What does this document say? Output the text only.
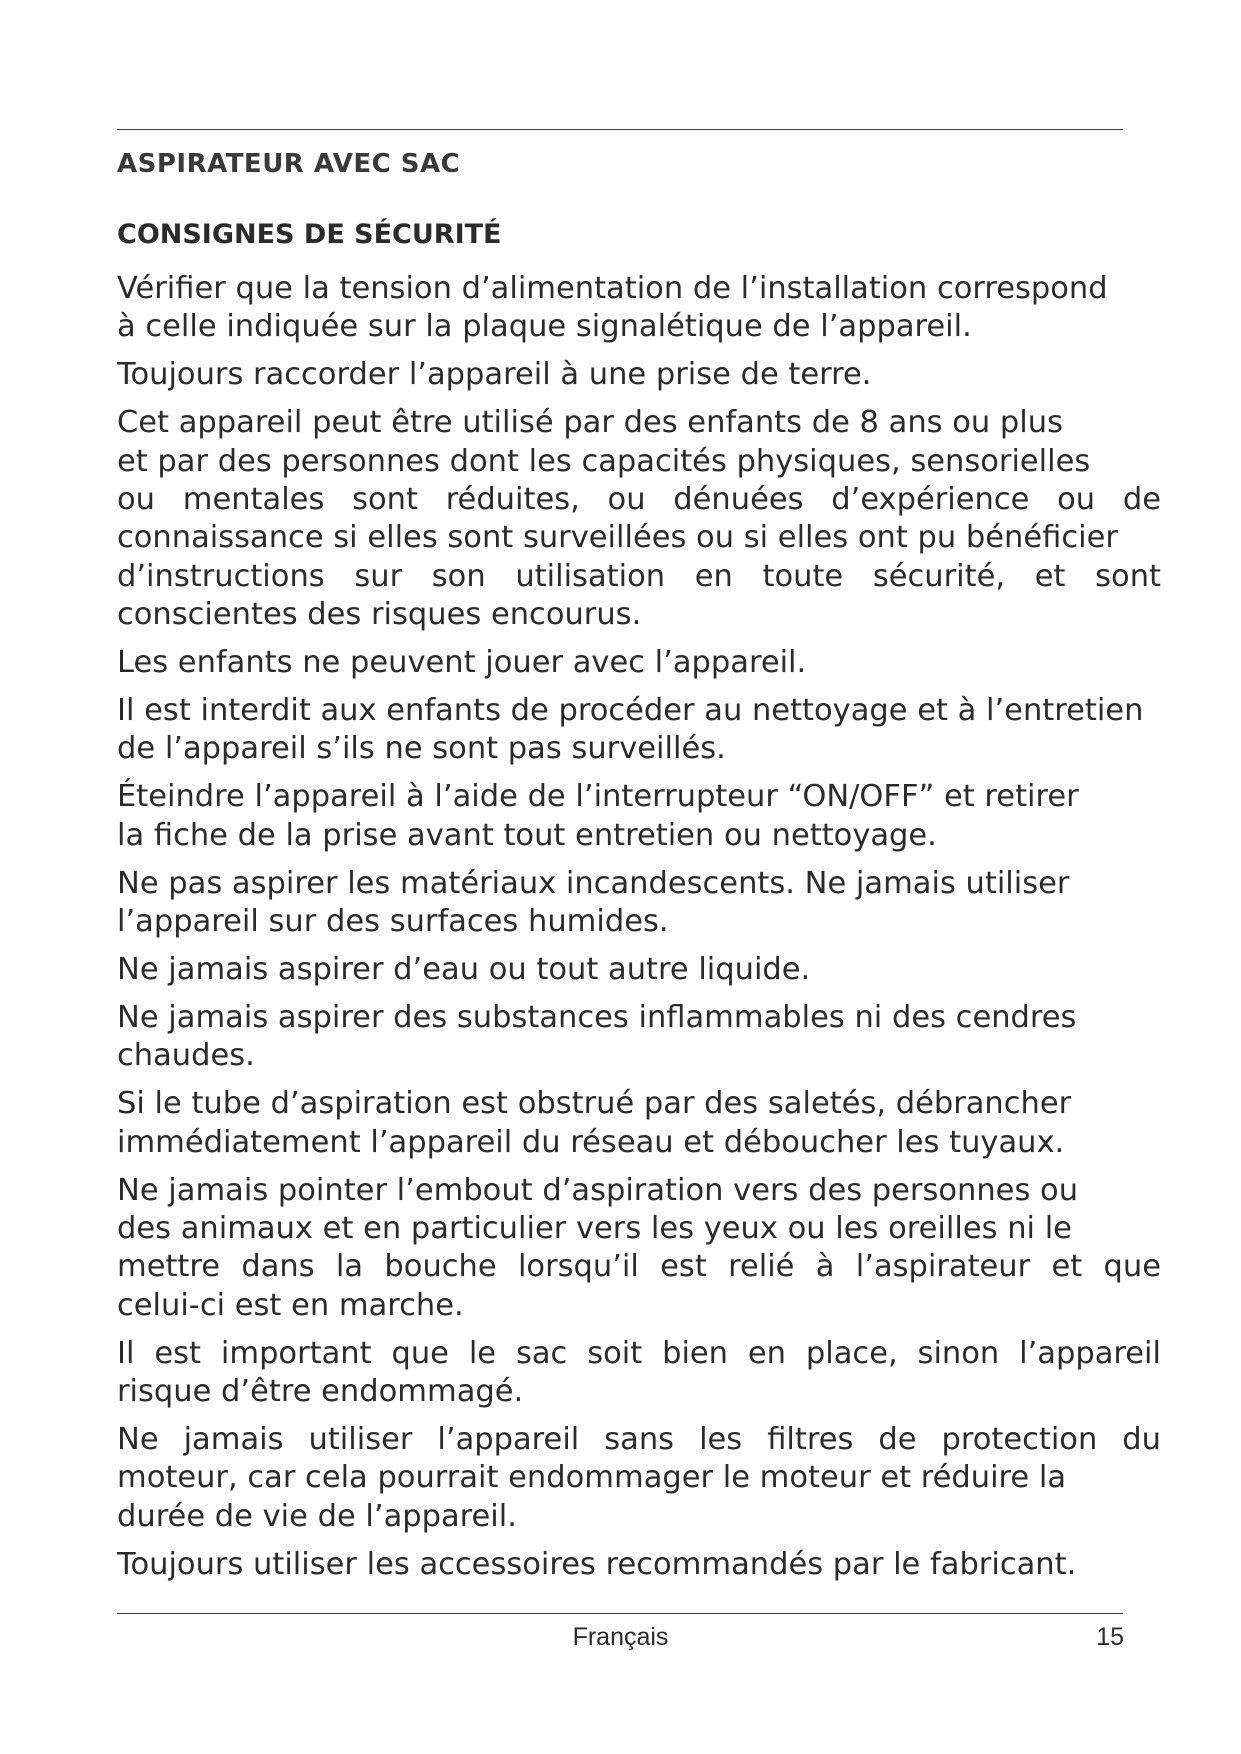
ASPIRATEUR AVEC SAC
CONSIGNES DE SÉCURITÉ

Vérifier que la tension d’alimentation de l’installation correspond
à celle indiquée sur la plaque signalétique de l’appareil.

Toujours raccorder l’appareil à une prise de terre.

Cet appareil peut être utilisé par des enfants de 8 ans ou plus
et par des personnes dont les capacités physiques, sensorielles
ou mentales sont réduites, ou dénuées d’expérience ou de
connaissance si elles sont surveillées ou si elles ont pu bénéficier
d’instructions sur son utilisation en toute sécurité, et sont
conscientes des risques encourus.

Les enfants ne peuvent jouer avec l’appareil.

Il est interdit aux enfants de procéder au nettoyage et à l’entretien
de l’appareil s’ils ne sont pas surveillés.

Éteindre l’appareil à l’aide de l’interrupteur “ON/OFF” et retirer
la fiche de la prise avant tout entretien ou nettoyage.

Ne pas aspirer les matériaux incandescents. Ne jamais utiliser
l’appareil sur des surfaces humides.

Ne jamais aspirer d’eau ou tout autre liquide.

Ne jamais aspirer des substances inflammables ni des cendres
chaudes.

Si le tube d’aspiration est obstrué par des saletés, débrancher
immédiatement l’appareil du réseau et déboucher les tuyaux.

Ne jamais pointer l’embout d’aspiration vers des personnes ou
des animaux et en particulier vers les yeux ou les oreilles ni le
mettre dans la bouche lorsqu’il est relié à l’aspirateur et que
celui-ci est en marche.

Il est important que le sac soit bien en place, sinon l’appareil
risque d’être endommagé.

Ne jamais utiliser l’appareil sans les filtres de protection du
moteur, car cela pourrait endommager le moteur et réduire la
durée de vie de l’appareil.

Toujours utiliser les accessoires recommandés par le fabricant.

Français	15
